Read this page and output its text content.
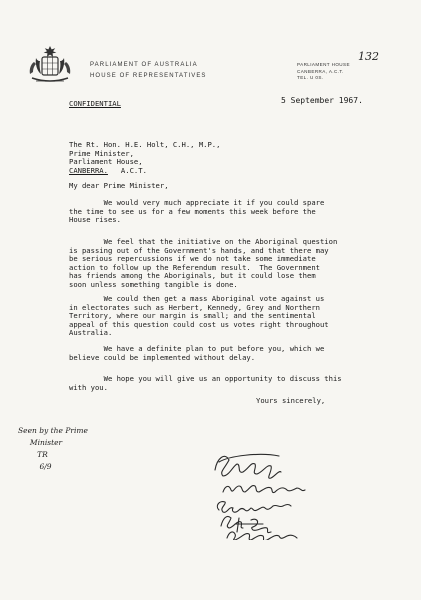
PARLIAMENT OF AUSTRALIA
HOUSE OF REPRESENTATIVES
PARLIAMENT HOUSE
CANBERRA, A.C.T.
TEL. U 0S.
132
CONFIDENTIAL	5 September 1967.
The Rt. Hon. H.E. Holt, C.H., M.P.,
Prime Minister,
Parliament House,
CANBERRA.   A.C.T.
My dear Prime Minister,
We would very much appreciate it if you could spare
the time to see us for a few moments this week before the
House rises.
We feel that the initiative on the Aboriginal question
is passing out of the Government's hands, and that there may
be serious repercussions if we do not take some immediate
action to follow up the Referendum result.  The Government
has friends among the Aboriginals, but it could lose them
soon unless something tangible is done.
We could then get a mass Aboriginal vote against us
in electorates such as Herbert, Kennedy, Grey and Northern
Territory, where our margin is small; and the sentimental
appeal of this question could cost us votes right throughout
Australia.
We have a definite plan to put before you, which we
believe could be implemented without delay.
We hope you will give us an opportunity to discuss this
with you.
Yours sincerely,
Seen by the Prime
Minister
TR
6/9
